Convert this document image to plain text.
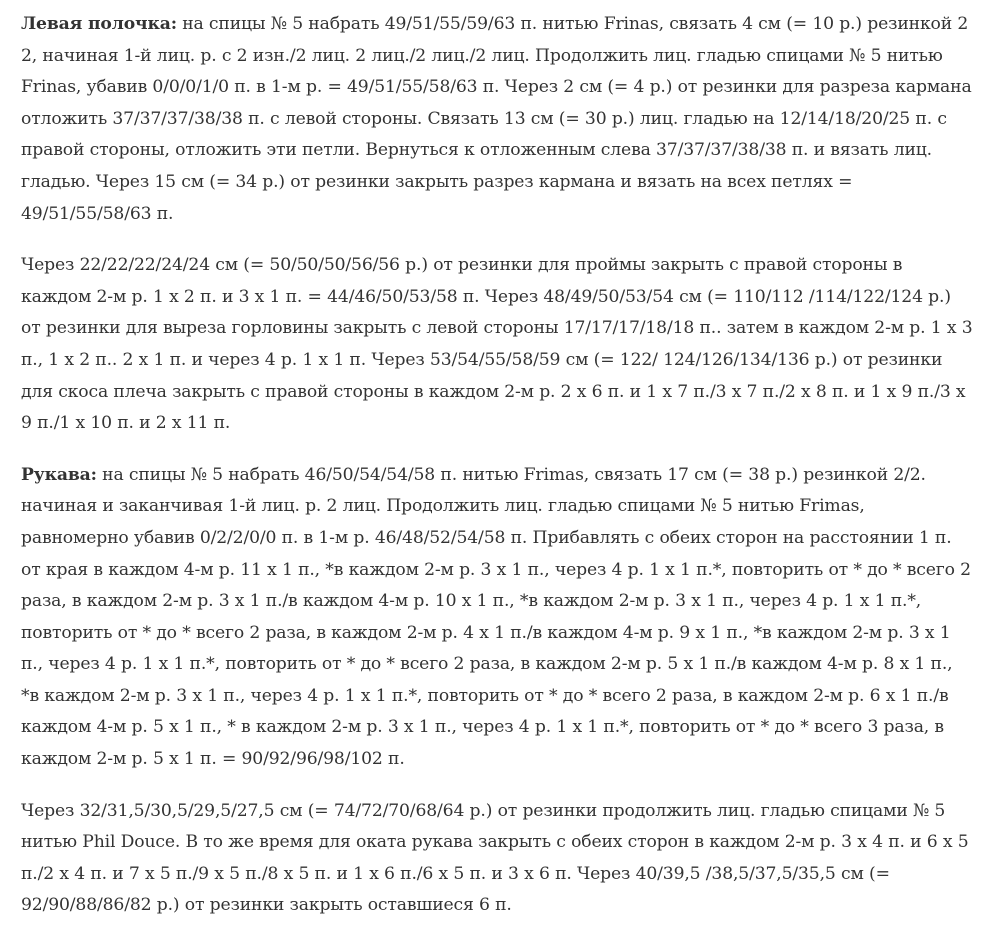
Левая полочка: на спицы № 5 набрать 49/51/55/59/63 п. нитью Frinas, связать 4 см (= 10 р.) резинкой 2 2, начиная 1-й лиц. р. с 2 изн./2 лиц. 2 лиц./2 лиц./2 лиц. Продолжить лиц. гладью спицами № 5 нитью Frinas, убавив 0/0/0/1/0 п. в 1-м р. = 49/51/55/58/63 п. Через 2 см (= 4 р.) от резинки для разреза кармана отложить 37/37/37/38/38 п. с левой стороны. Связать 13 см (= 30 р.) лиц. гладью на 12/14/18/20/25 п. с правой стороны, отложить эти петли. Вернуться к отложенным слева 37/37/37/38/38 п. и вязать лиц. гладью. Через 15 см (= 34 р.) от резинки закрыть разрез кармана и вязать на всех петлях = 49/51/55/58/63 п.

Через 22/22/22/24/24 см (= 50/50/50/56/56 р.) от резинки для проймы закрыть с правой стороны в каждом 2-м р. 1 х 2 п. и 3 х 1 п. = 44/46/50/53/58 п. Через 48/49/50/53/54 см (= 110/112 /114/122/124 р.) от резинки для выреза горловины закрыть с левой стороны 17/17/17/18/18 п.. затем в каждом 2-м р. 1 х 3 п., 1 х 2 п.. 2 х 1 п. и через 4 р. 1 х 1 п. Через 53/54/55/58/59 см (= 122/ 124/126/134/136 р.) от резинки для скоса плеча закрыть с правой стороны в каждом 2-м р. 2 х 6 п. и 1 х 7 п./3 х 7 п./2 х 8 п. и 1 х 9 п./3 х 9 п./1 х 10 п. и 2 х 11 п.

Рукава: на спицы № 5 набрать 46/50/54/54/58 п. нитью Frimas, связать 17 см (= 38 р.) резинкой 2/2. начиная и заканчивая 1-й лиц. р. 2 лиц. Продолжить лиц. гладью спицами № 5 нитью Frimas, равномерно убавив 0/2/2/0/0 п. в 1-м р. 46/48/52/54/58 п. Прибавлять с обеих сторон на расстоянии 1 п. от края в каждом 4-м р. 11 х 1 п., *в каждом 2-м р. 3 х 1 п., через 4 р. 1 х 1 п.*, повторить от * до * всего 2 раза, в каждом 2-м р. 3 х 1 п./в каждом 4-м р. 10 х 1 п., *в каждом 2-м р. 3 х 1 п., через 4 р. 1 х 1 п.*, повторить от * до * всего 2 раза, в каждом 2-м р. 4 х 1 п./в каждом 4-м р. 9 х 1 п., *в каждом 2-м р. 3 х 1 п., через 4 р. 1 х 1 п.*, повторить от * до * всего 2 раза, в каждом 2-м р. 5 х 1 п./в каждом 4-м р. 8 х 1 п., *в каждом 2-м р. 3 х 1 п., через 4 р. 1 х 1 п.*, повторить от * до * всего 2 раза, в каждом 2-м р. 6 х 1 п./в каждом 4-м р. 5 х 1 п., * в каждом 2-м р. 3 х 1 п., через 4 р. 1 х 1 п.*, повторить от * до * всего 3 раза, в каждом 2-м р. 5 х 1 п. = 90/92/96/98/102 п.

Через 32/31,5/30,5/29,5/27,5 см (= 74/72/70/68/64 р.) от резинки продолжить лиц. гладью спицами № 5 нитью Phil Douce. В то же время для оката рукава закрыть с обеих сторон в каждом 2-м р. 3 х 4 п. и 6 х 5 п./2 х 4 п. и 7 х 5 п./9 х 5 п./8 х 5 п. и 1 х 6 п./6 х 5 п. и 3 х 6 п. Через 40/39,5 /38,5/37,5/35,5 см (= 92/90/88/86/82 р.) от резинки закрыть оставшиеся 6 п.
